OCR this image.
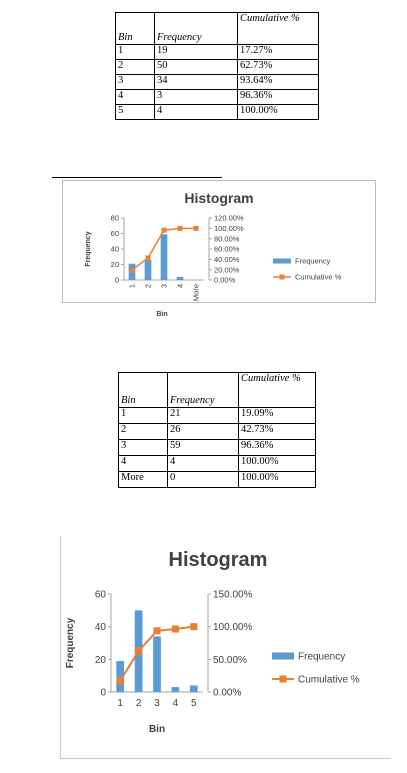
Bin	Frequency	Cumulative %
1	19	17.27%
2	50	62.73%
3	34	93.64%
4	3	96.36%
5	4	100.00%
Histogram
0
20
40
60
80
0.00%
20.00%
40.00%
60.00%
80.00%
100.00%
120.00%
1 2 3 4 More
Bin
Frequency	Frequency
Cumulative %
Bin	Frequency	Cumulative %
1	21	19.09%
2	26	42.73%
3	59	96.36%
4	4	100.00%
More	0	100.00%
Histogram
0
20
40
60
0.00%
50.00%
100.00%
150.00%
1 2 3 4 5
Bin
Frequency	Frequency
Cumulative %
